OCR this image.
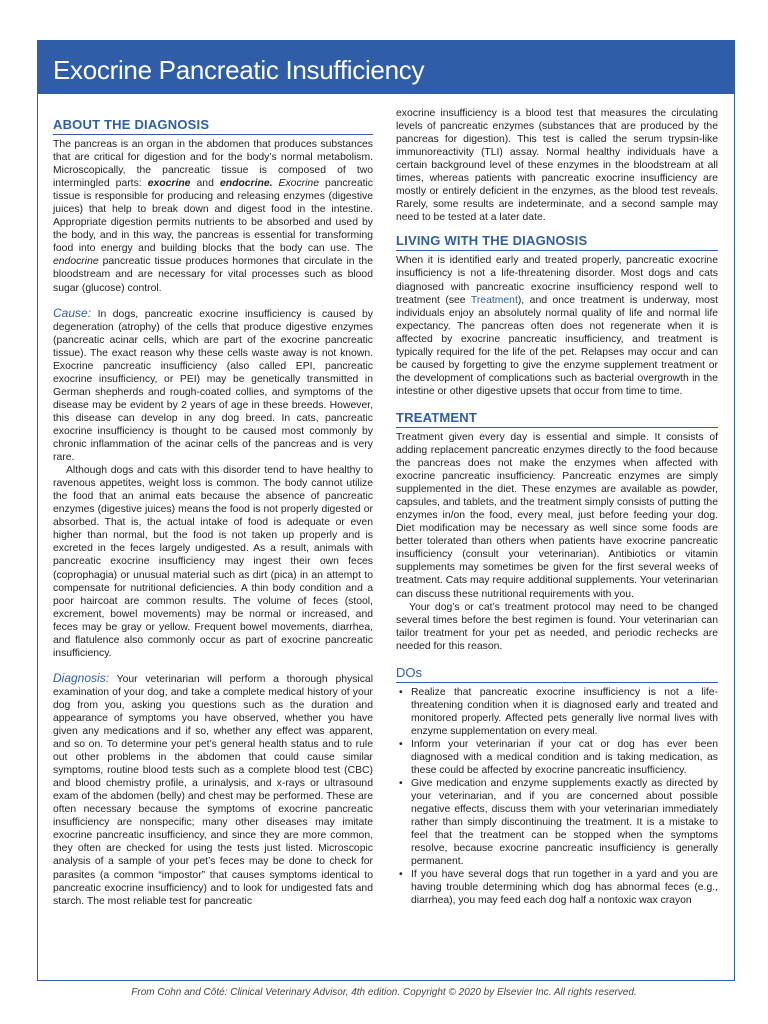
Exocrine Pancreatic Insufficiency
ABOUT THE DIAGNOSIS

The pancreas is an organ in the abdomen that produces substances that are critical for digestion and for the body’s normal metabolism. Microscopically, the pancreatic tissue is composed of two intermingled parts: exocrine and endocrine. Exocrine pancreatic tissue is responsible for producing and releasing enzymes (digestive juices) that help to break down and digest food in the intestine. Appropriate digestion permits nutrients to be absorbed and used by the body, and in this way, the pancreas is essential for transforming food into energy and building blocks that the body can use. The endocrine pancreatic tissue produces hormones that circulate in the bloodstream and are necessary for vital processes such as blood sugar (glucose) control.

Cause: In dogs, pancreatic exocrine insufficiency is caused by degeneration (atrophy) of the cells that produce digestive enzymes (pancreatic acinar cells, which are part of the exocrine pancreatic tissue). The exact reason why these cells waste away is not known. Exocrine pancreatic insufficiency (also called EPI, pancreatic exocrine insufficiency, or PEI) may be genetically transmitted in German shepherds and rough-coated collies, and symptoms of the disease may be evident by 2 years of age in these breeds. However, this disease can develop in any dog breed. In cats, pancreatic exocrine insufficiency is thought to be caused most commonly by chronic inflammation of the acinar cells of the pancreas and is very rare.

Although dogs and cats with this disorder tend to have healthy to ravenous appetites, weight loss is common. The body cannot utilize the food that an animal eats because the absence of pancreatic enzymes (digestive juices) means the food is not properly digested or absorbed. That is, the actual intake of food is adequate or even higher than normal, but the food is not taken up properly and is excreted in the feces largely undigested. As a result, animals with pancreatic exocrine insufficiency may ingest their own feces (coprophagia) or unusual material such as dirt (pica) in an attempt to compensate for nutritional deficiencies. A thin body condition and a poor haircoat are common results. The volume of feces (stool, excrement, bowel movements) may be normal or increased, and feces may be gray or yellow. Frequent bowel movements, diarrhea, and flatulence also commonly occur as part of exocrine pancreatic insufficiency.

Diagnosis: Your veterinarian will perform a thorough physical examination of your dog, and take a complete medical history of your dog from you, asking you questions such as the duration and appearance of symptoms you have observed, whether you have given any medications and if so, whether any effect was apparent, and so on. To determine your pet’s general health status and to rule out other problems in the abdomen that could cause similar symptoms, routine blood tests such as a complete blood test (CBC) and blood chemistry profile, a urinalysis, and x-rays or ultrasound exam of the abdomen (belly) and chest may be performed. These are often necessary because the symptoms of exocrine pancreatic insufficiency are nonspecific; many other diseases may imitate exocrine pancreatic insufficiency, and since they are more common, they often are checked for using the tests just listed. Microscopic analysis of a sample of your pet’s feces may be done to check for parasites (a common “impostor” that causes symptoms identical to pancreatic exocrine insufficiency) and to look for undigested fats and starch. The most reliable test for pancreatic

exocrine insufficiency is a blood test that measures the circulating levels of pancreatic enzymes (substances that are produced by the pancreas for digestion). This test is called the serum trypsin-like immunoreactivity (TLI) assay. Normal healthy individuals have a certain background level of these enzymes in the bloodstream at all times, whereas patients with pancreatic exocrine insufficiency are mostly or entirely deficient in the enzymes, as the blood test reveals. Rarely, some results are indeterminate, and a second sample may need to be tested at a later date.

LIVING WITH THE DIAGNOSIS

When it is identified early and treated properly, pancreatic exocrine insufficiency is not a life-threatening disorder. Most dogs and cats diagnosed with pancreatic exocrine insufficiency respond well to treatment (see Treatment), and once treatment is underway, most individuals enjoy an absolutely normal quality of life and normal life expectancy. The pancreas often does not regenerate when it is affected by exocrine pancreatic insufficiency, and treatment is typically required for the life of the pet. Relapses may occur and can be caused by forgetting to give the enzyme supplement treatment or the development of complications such as bacterial overgrowth in the intestine or other digestive upsets that occur from time to time.

TREATMENT

Treatment given every day is essential and simple. It consists of adding replacement pancreatic enzymes directly to the food because the pancreas does not make the enzymes when affected with exocrine pancreatic insufficiency. Pancreatic enzymes are simply supplemented in the diet. These enzymes are available as powder, capsules, and tablets, and the treatment simply consists of putting the enzymes in/on the food, every meal, just before feeding your dog. Diet modification may be necessary as well since some foods are better tolerated than others when patients have exocrine pancreatic insufficiency (consult your veterinarian). Antibiotics or vitamin supplements may sometimes be given for the first several weeks of treatment. Cats may require additional supplements. Your veterinarian can discuss these nutritional requirements with you.

Your dog’s or cat’s treatment protocol may need to be changed several times before the best regimen is found. Your veterinarian can tailor treatment for your pet as needed, and periodic rechecks are needed for this reason.

DOs
• Realize that pancreatic exocrine insufficiency is not a life-threatening condition when it is diagnosed early and treated and monitored properly. Affected pets generally live normal lives with enzyme supplementation on every meal.
• Inform your veterinarian if your cat or dog has ever been diagnosed with a medical condition and is taking medication, as these could be affected by exocrine pancreatic insufficiency.
• Give medication and enzyme supplements exactly as directed by your veterinarian, and if you are concerned about possible negative effects, discuss them with your veterinarian immediately rather than simply discontinuing the treatment. It is a mistake to feel that the treatment can be stopped when the symptoms resolve, because exocrine pancreatic insufficiency is generally permanent.
• If you have several dogs that run together in a yard and you are having trouble determining which dog has abnormal feces (e.g., diarrhea), you may feed each dog half a nontoxic wax crayon
From Cohn and Côté: Clinical Veterinary Advisor, 4th edition. Copyright © 2020 by Elsevier Inc. All rights reserved.
